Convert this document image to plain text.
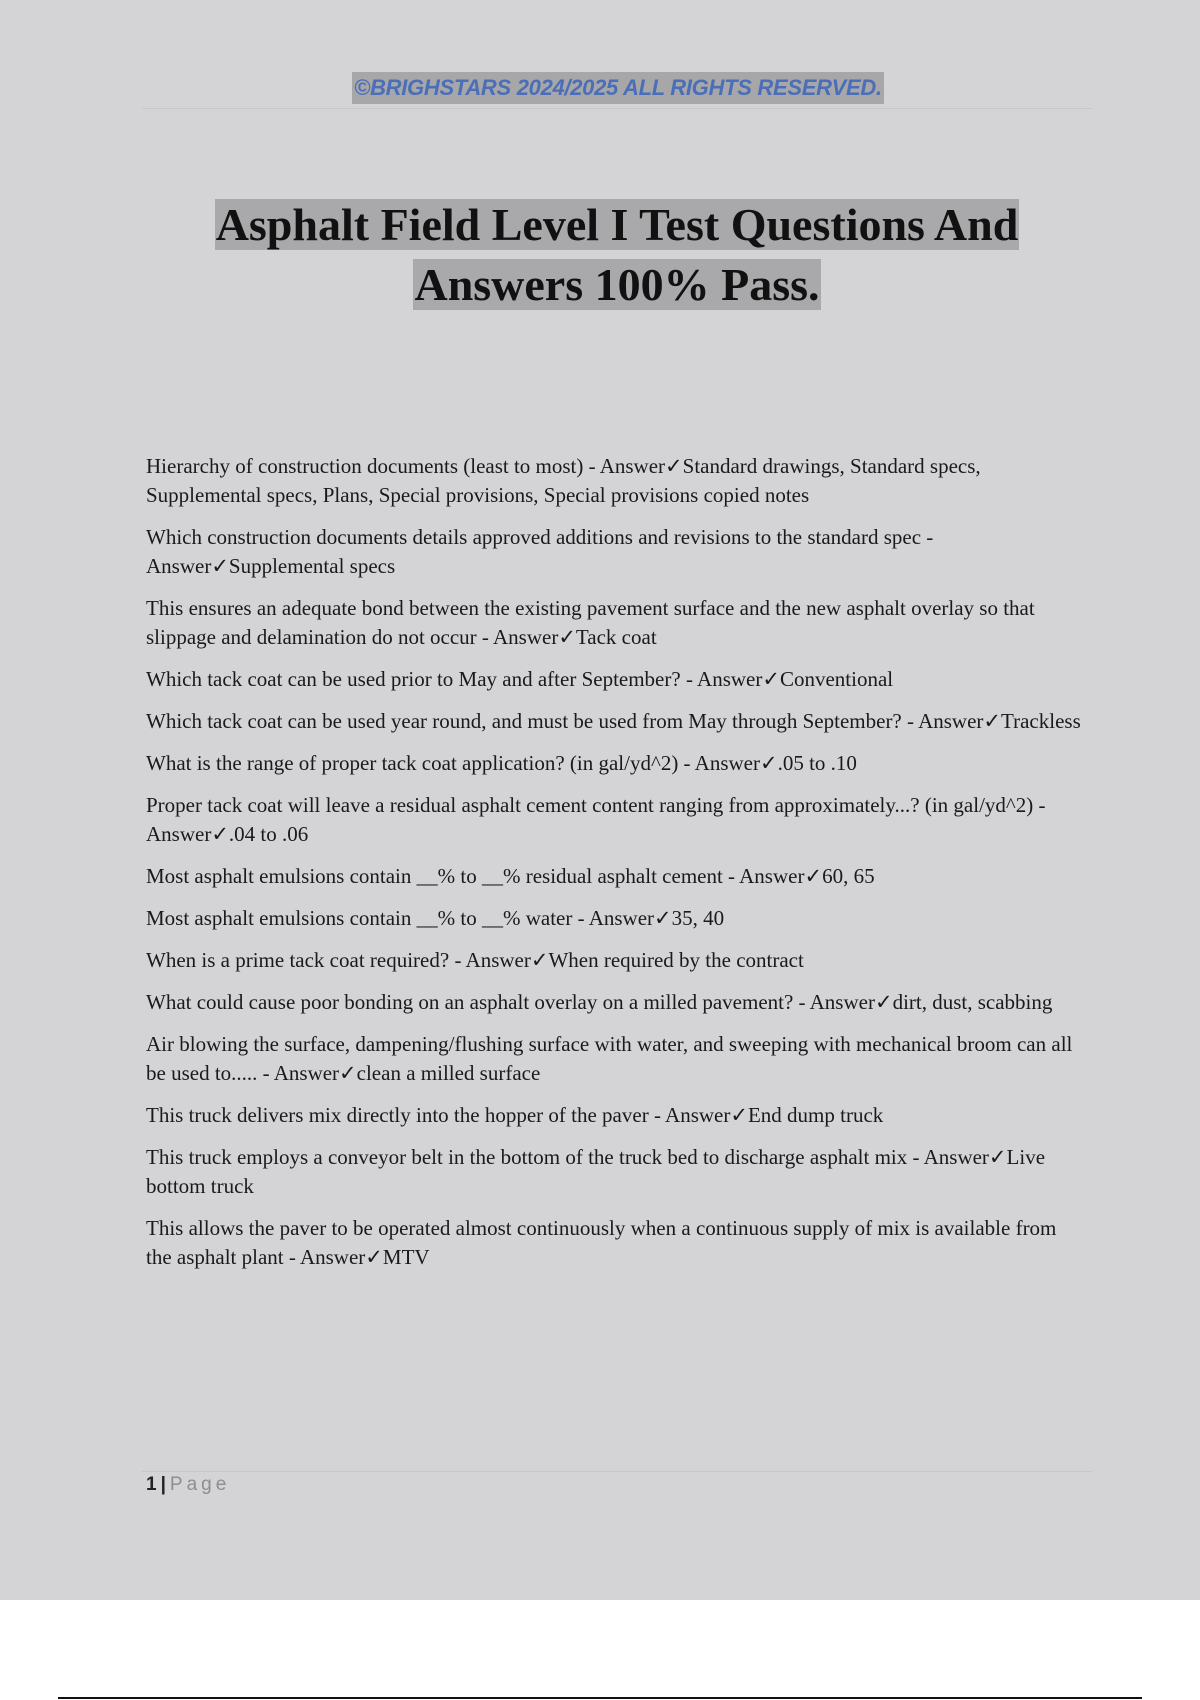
©BRIGHSTARS 2024/2025 ALL RIGHTS RESERVED.
Asphalt Field Level I Test Questions And
Answers 100% Pass.

Hierarchy of construction documents (least to most) - Answer✓Standard drawings, Standard specs, Supplemental specs, Plans, Special provisions, Special provisions copied notes

Which construction documents details approved additions and revisions to the standard spec - Answer✓Supplemental specs

This ensures an adequate bond between the existing pavement surface and the new asphalt overlay so that slippage and delamination do not occur - Answer✓Tack coat

Which tack coat can be used prior to May and after September? - Answer✓Conventional

Which tack coat can be used year round, and must be used from May through September? - Answer✓Trackless

What is the range of proper tack coat application? (in gal/yd^2) - Answer✓.05 to .10

Proper tack coat will leave a residual asphalt cement content ranging from approximately...? (in gal/yd^2) - Answer✓.04 to .06

Most asphalt emulsions contain __% to __% residual asphalt cement - Answer✓60, 65

Most asphalt emulsions contain __% to __% water - Answer✓35, 40

When is a prime tack coat required? - Answer✓When required by the contract

What could cause poor bonding on an asphalt overlay on a milled pavement? - Answer✓dirt, dust, scabbing

Air blowing the surface, dampening/flushing surface with water, and sweeping with mechanical broom can all be used to..... - Answer✓clean a milled surface

This truck delivers mix directly into the hopper of the paver - Answer✓End dump truck

This truck employs a conveyor belt in the bottom of the truck bed to discharge asphalt mix - Answer✓Live bottom truck

This allows the paver to be operated almost continuously when a continuous supply of mix is available from the asphalt plant - Answer✓MTV

1 | Page
